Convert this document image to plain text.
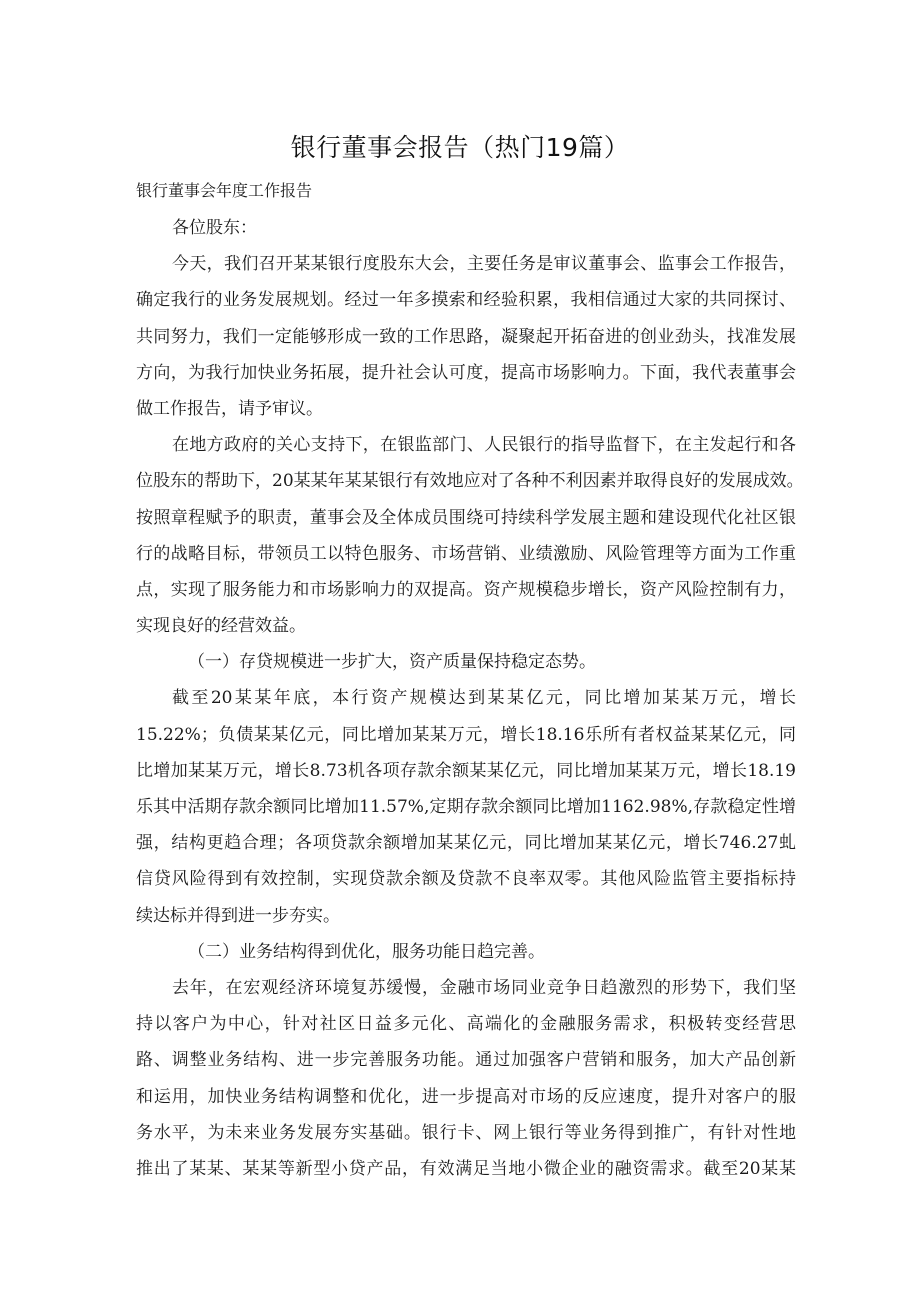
银行董事会报告（热门19篇）
银行董事会年度工作报告
各位股东：
今天，我们召开某某银行度股东大会，主要任务是审议董事会、监事会工作报告，
确定我行的业务发展规划。经过一年多摸索和经验积累，我相信通过大家的共同探讨、
共同努力，我们一定能够形成一致的工作思路，凝聚起开拓奋进的创业劲头，找准发展
方向，为我行加快业务拓展，提升社会认可度，提高市场影响力。下面，我代表董事会
做工作报告，请予审议。
在地方政府的关心支持下，在银监部门、人民银行的指导监督下，在主发起行和各
位股东的帮助下，20某某年某某银行有效地应对了各种不利因素并取得良好的发展成效。
按照章程赋予的职责，董事会及全体成员围绕可持续科学发展主题和建设现代化社区银
行的战略目标，带领员工以特色服务、市场营销、业绩激励、风险管理等方面为工作重
点，实现了服务能力和市场影响力的双提高。资产规模稳步增长，资产风险控制有力，
实现良好的经营效益。
（一）存贷规模进一步扩大，资产质量保持稳定态势。
截至20某某年底，本行资产规模达到某某亿元，同比增加某某万元，增长
15.22%；负债某某亿元，同比增加某某万元，增长18.16乐所有者权益某某亿元，同
比增加某某万元，增长8.73机各项存款余额某某亿元，同比增加某某万元，增长18.19
乐其中活期存款余额同比增加11.57%,定期存款余额同比增加1162.98%,存款稳定性增
强，结构更趋合理；各项贷款余额增加某某亿元，同比增加某某亿元，增长746.27虬
信贷风险得到有效控制，实现贷款余额及贷款不良率双零。其他风险监管主要指标持
续达标并得到进一步夯实。
（二）业务结构得到优化，服务功能日趋完善。
去年，在宏观经济环境复苏缓慢，金融市场同业竞争日趋激烈的形势下，我们坚
持以客户为中心，针对社区日益多元化、高端化的金融服务需求，积极转变经营思
路、调整业务结构、进一步完善服务功能。通过加强客户营销和服务，加大产品创新
和运用，加快业务结构调整和优化，进一步提高对市场的反应速度，提升对客户的服
务水平，为未来业务发展夯实基础。银行卡、网上银行等业务得到推广，有针对性地
推出了某某、某某等新型小贷产品，有效满足当地小微企业的融资需求。截至20某某
